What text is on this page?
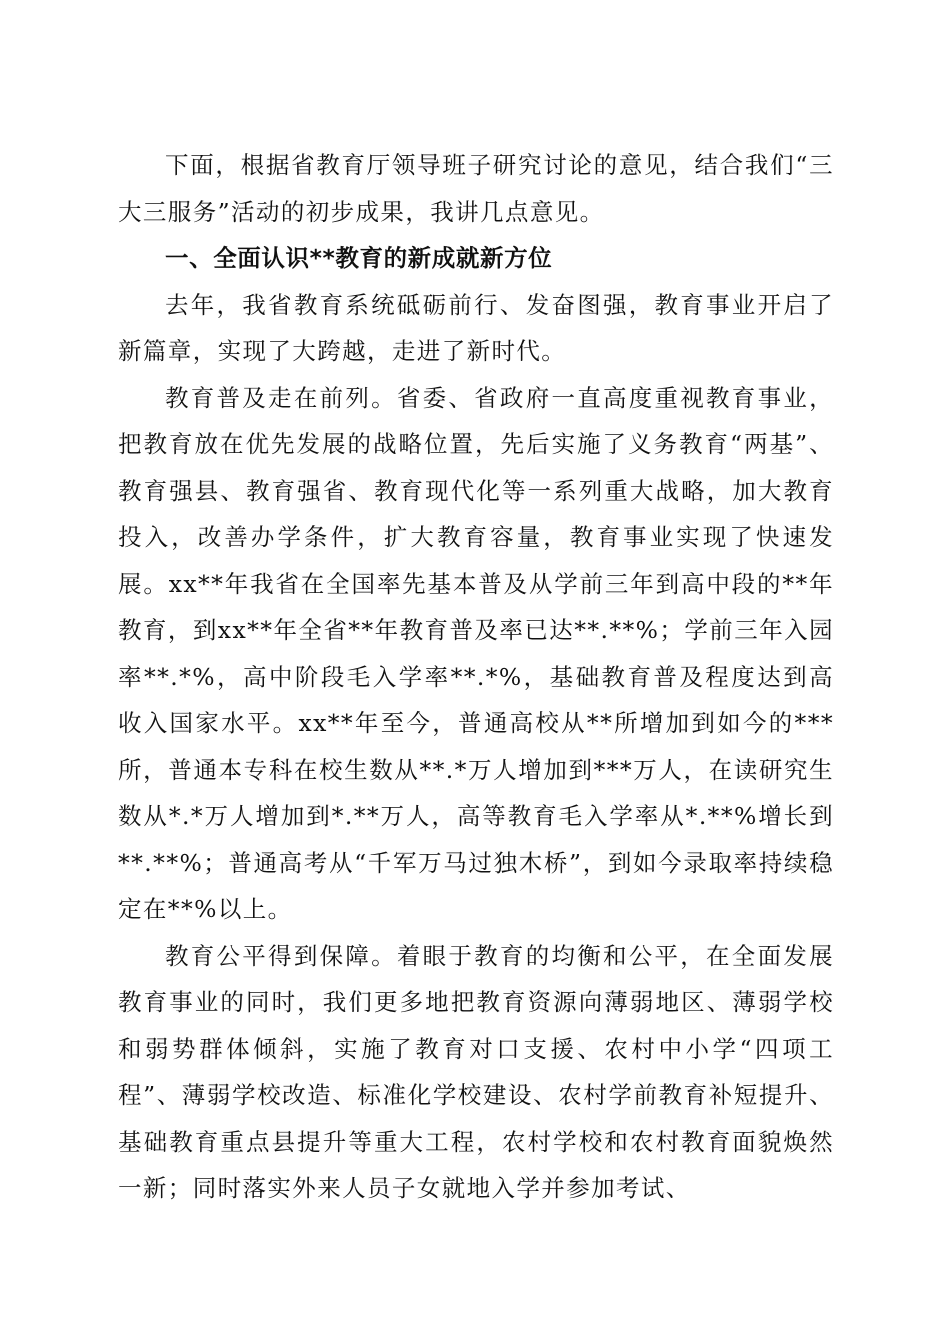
下面，根据省教育厅领导班子研究讨论的意见，结合我们“三大三服务”活动的初步成果，我讲几点意见。

一、全面认识**教育的新成就新方位

去年，我省教育系统砥砺前行、发奋图强，教育事业开启了新篇章，实现了大跨越，走进了新时代。

教育普及走在前列。省委、省政府一直高度重视教育事业，把教育放在优先发展的战略位置，先后实施了义务教育“两基”、教育强县、教育强省、教育现代化等一系列重大战略，加大教育投入，改善办学条件，扩大教育容量，教育事业实现了快速发展。xx**年我省在全国率先基本普及从学前三年到高中段的**年教育，到xx**年全省**年教育普及率已达**.**%；学前三年入园率**.*%，高中阶段毛入学率**.*%，基础教育普及程度达到高收入国家水平。xx**年至今，普通高校从**所增加到如今的***所，普通本专科在校生数从**.*万人增加到***万人，在读研究生数从*.*万人增加到*.**万人，高等教育毛入学率从*.**%增长到**.**%；普通高考从“千军万马过独木桥”，到如今录取率持续稳定在**%以上。

教育公平得到保障。着眼于教育的均衡和公平，在全面发展教育事业的同时，我们更多地把教育资源向薄弱地区、薄弱学校和弱势群体倾斜，实施了教育对口支援、农村中小学“四项工程”、薄弱学校改造、标准化学校建设、农村学前教育补短提升、基础教育重点县提升等重大工程，农村学校和农村教育面貌焕然一新；同时落实外来人员子女就地入学并参加考试、
